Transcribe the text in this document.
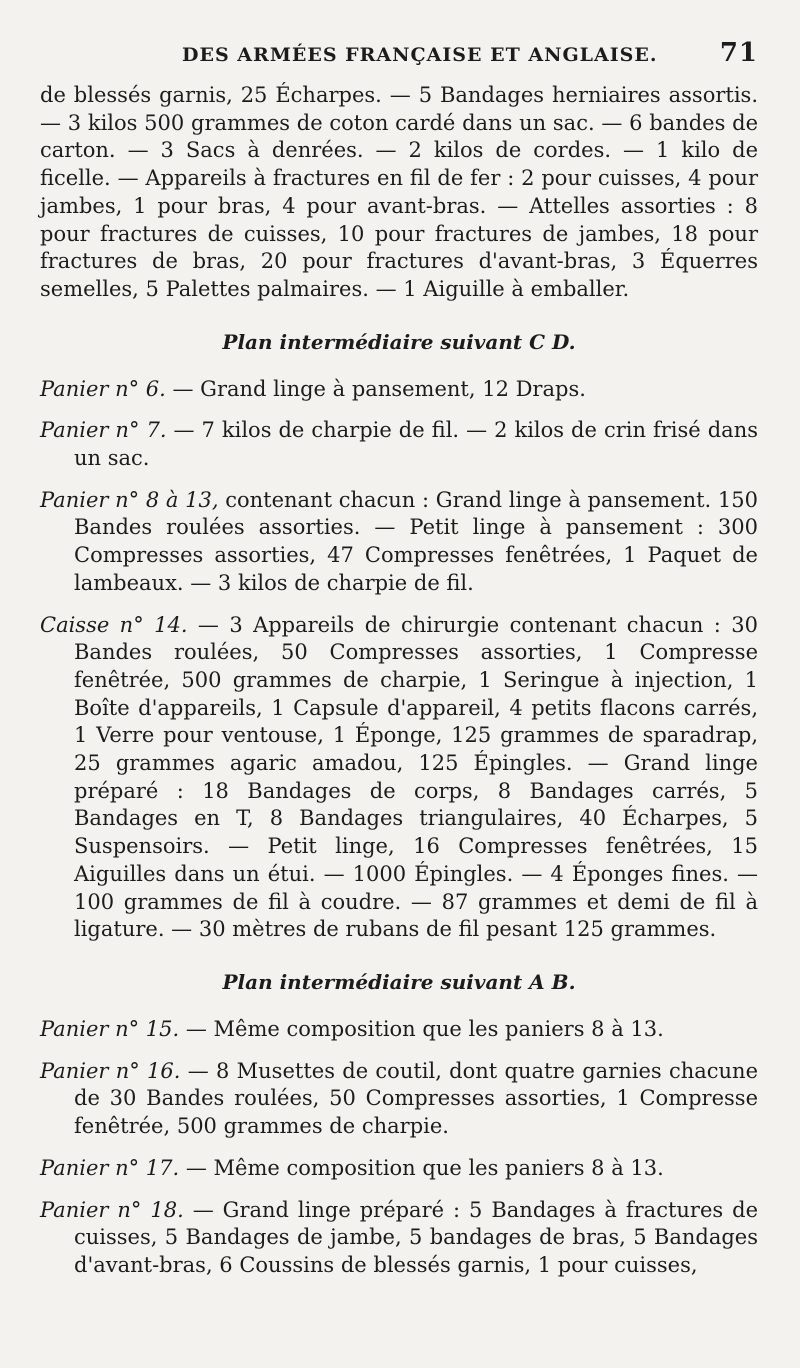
DES ARMÉES FRANÇAISE ET ANGLAISE. 71

de blessés garnis, 25 Écharpes. — 5 Bandages herniaires assortis. — 3 kilos 500 grammes de coton cardé dans un sac. — 6 bandes de carton. — 3 Sacs à denrées. — 2 kilos de cordes. — 1 kilo de ficelle. — Appareils à fractures en fil de fer : 2 pour cuisses, 4 pour jambes, 1 pour bras, 4 pour avant-bras. — Attelles assorties : 8 pour fractures de cuisses, 10 pour fractures de jambes, 18 pour fractures de bras, 20 pour fractures d'avant-bras, 3 Équerres semelles, 5 Palettes palmaires. — 1 Aiguille à emballer.

Plan intermédiaire suivant C D.

Panier n° 6. — Grand linge à pansement, 12 Draps.

Panier n° 7. — 7 kilos de charpie de fil. — 2 kilos de crin frisé dans un sac.

Panier n° 8 à 13, contenant chacun : Grand linge à pansement. 150 Bandes roulées assorties. — Petit linge à pansement : 300 Compresses assorties, 47 Compresses fenêtrées, 1 Paquet de lambeaux. — 3 kilos de charpie de fil.

Caisse n° 14. — 3 Appareils de chirurgie contenant chacun : 30 Bandes roulées, 50 Compresses assorties, 1 Compresse fenêtrée, 500 grammes de charpie, 1 Seringue à injection, 1 Boîte d'appareils, 1 Capsule d'appareil, 4 petits flacons carrés, 1 Verre pour ventouse, 1 Éponge, 125 grammes de sparadrap, 25 grammes agaric amadou, 125 Épingles. — Grand linge préparé : 18 Bandages de corps, 8 Bandages carrés, 5 Bandages en T, 8 Bandages triangulaires, 40 Écharpes, 5 Suspensoirs. — Petit linge, 16 Compresses fenêtrées, 15 Aiguilles dans un étui. — 1000 Épingles. — 4 Éponges fines. — 100 grammes de fil à coudre. — 87 grammes et demi de fil à ligature. — 30 mètres de rubans de fil pesant 125 grammes.

Plan intermédiaire suivant A B.

Panier n° 15. — Même composition que les paniers 8 à 13.

Panier n° 16. — 8 Musettes de coutil, dont quatre garnies chacune de 30 Bandes roulées, 50 Compresses assorties, 1 Compresse fenêtrée, 500 grammes de charpie.

Panier n° 17. — Même composition que les paniers 8 à 13.

Panier n° 18. — Grand linge préparé : 5 Bandages à fractures de cuisses, 5 Bandages de jambe, 5 bandages de bras, 5 Bandages d'avant-bras, 6 Coussins de blessés garnis, 1 pour cuisses,
